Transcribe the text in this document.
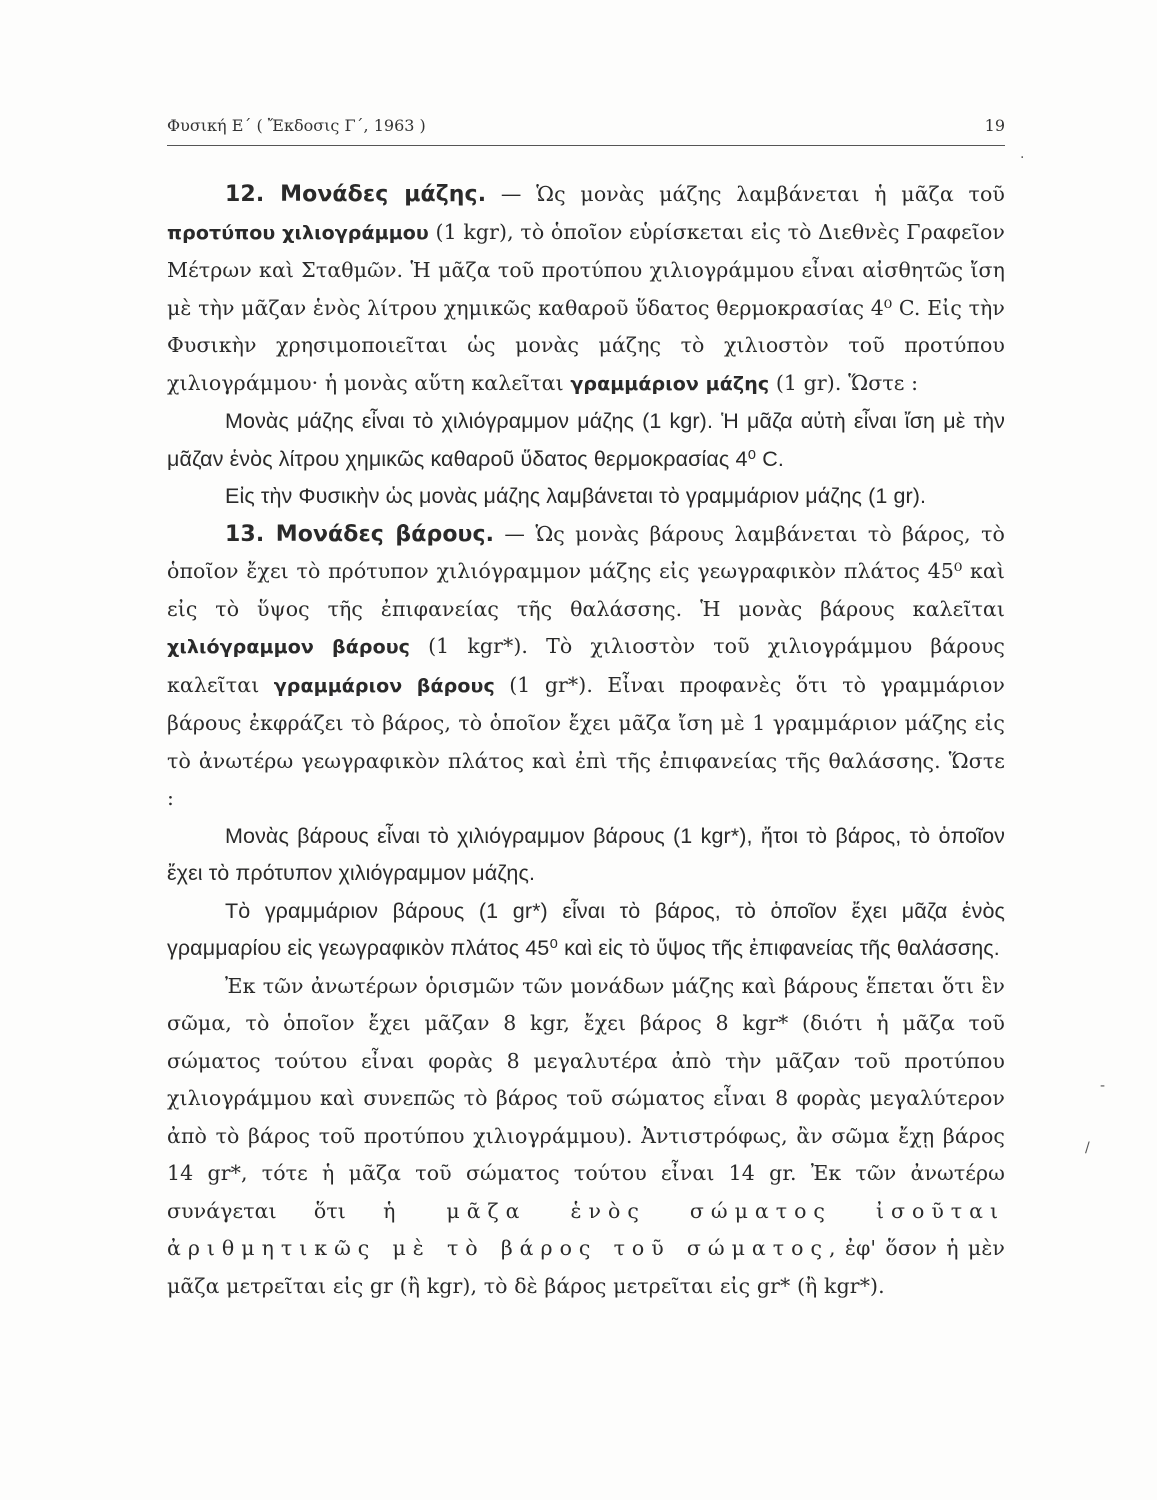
Φυσική Ε΄ ( Ἔκδοσις Γ΄, 1963 )	19

12. Μονάδες μάζης. — Ὡς μονὰς μάζης λαμβάνεται ἡ μᾶζα τοῦ προτύπου χιλιογράμμου (1 kgr), τὸ ὁποῖον εὑρίσκεται εἰς τὸ Διεθνὲς Γραφεῖον Μέτρων καὶ Σταθμῶν. Ἡ μᾶζα τοῦ προτύπου χιλιογράμμου εἶναι αἰσθητῶς ἴση μὲ τὴν μᾶζαν ἑνὸς λίτρου χημικῶς καθαροῦ ὕδατος θερμοκρασίας 4⁰ C. Εἰς τὴν Φυσικὴν χρησιμοποιεῖται ὡς μονὰς μάζης τὸ χιλιοστὸν τοῦ προτύπου χιλιογράμμου· ἡ μονὰς αὕτη καλεῖται γραμμάριον μάζης (1 gr). Ὥστε :

Μονὰς μάζης εἶναι τὸ χιλιόγραμμον μάζης (1 kgr). Ἡ μᾶζα αὐτὴ εἶναι ἴση μὲ τὴν μᾶζαν ἑνὸς λίτρου χημικῶς καθαροῦ ὕδατος θερμοκρασίας 4⁰ C.

Εἰς τὴν Φυσικὴν ὡς μονὰς μάζης λαμβάνεται τὸ γραμμάριον μάζης (1 gr).

13. Μονάδες βάρους. — Ὡς μονὰς βάρους λαμβάνεται τὸ βάρος, τὸ ὁποῖον ἔχει τὸ πρότυπον χιλιόγραμμον μάζης εἰς γεωγραφικὸν πλάτος 45⁰ καὶ εἰς τὸ ὕψος τῆς ἐπιφανείας τῆς θαλάσσης. Ἡ μονὰς βάρους καλεῖται χιλιόγραμμον βάρους (1 kgr*). Τὸ χιλιοστὸν τοῦ χιλιογράμμου βάρους καλεῖται γραμμάριον βάρους (1 gr*). Εἶναι προφανὲς ὅτι τὸ γραμμάριον βάρους ἐκφράζει τὸ βάρος, τὸ ὁποῖον ἔχει μᾶζα ἴση μὲ 1 γραμμάριον μάζης εἰς τὸ ἀνωτέρω γεωγραφικὸν πλάτος καὶ ἐπὶ τῆς ἐπιφανείας τῆς θαλάσσης. Ὥστε :

Μονὰς βάρους εἶναι τὸ χιλιόγραμμον βάρους (1 kgr*), ἤτοι τὸ βάρος, τὸ ὁποῖον ἔχει τὸ πρότυπον χιλιόγραμμον μάζης.

Τὸ γραμμάριον βάρους (1 gr*) εἶναι τὸ βάρος, τὸ ὁποῖον ἔχει μᾶζα ἑνὸς γραμμαρίου εἰς γεωγραφικὸν πλάτος 45⁰ καὶ εἰς τὸ ὕψος τῆς ἐπιφανείας τῆς θαλάσσης.

Ἐκ τῶν ἀνωτέρων ὁρισμῶν τῶν μονάδων μάζης καὶ βάρους ἕπεται ὅτι ἓν σῶμα, τὸ ὁποῖον ἔχει μᾶζαν 8 kgr, ἔχει βάρος 8 kgr* (διότι ἡ μᾶζα τοῦ σώματος τούτου εἶναι φορὰς 8 μεγαλυτέρα ἀπὸ τὴν μᾶζαν τοῦ προτύπου χιλιογράμμου καὶ συνεπῶς τὸ βάρος τοῦ σώματος εἶναι 8 φορὰς μεγαλύτερον ἀπὸ τὸ βάρος τοῦ προτύπου χιλιογράμμου). Ἀντιστρόφως, ἂν σῶμα ἔχῃ βάρος 14 gr*, τότε ἡ μᾶζα τοῦ σώματος τούτου εἶναι 14 gr. Ἐκ τῶν ἀνωτέρω συνάγεται ὅτι ἡ μᾶζα ἑνὸς σώματος ἰσοῦται ἀριθμητικῶς μὲ τὸ βάρος τοῦ σώματος, ἐφ' ὅσον ἡ μὲν μᾶζα μετρεῖται εἰς gr (ἢ kgr), τὸ δὲ βάρος μετρεῖται εἰς gr* (ἢ kgr*).

·
-
/
